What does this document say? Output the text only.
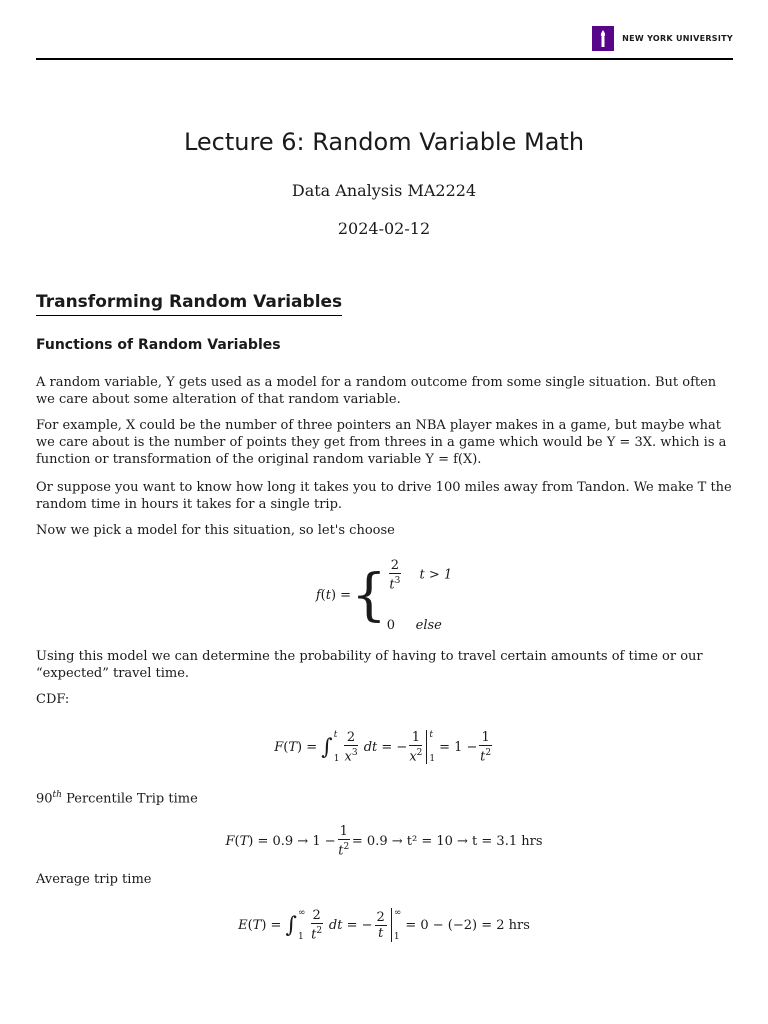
NEW YORK UNIVERSITY
Lecture 6: Random Variable Math
Data Analysis MA2224
2024-02-12
Transforming Random Variables
Functions of Random Variables
A random variable, Y gets used as a model for a random outcome from some single situation. But often we care about some alteration of that random variable.
For example, X could be the number of three pointers an NBA player makes in a game, but maybe what we care about is the number of points they get from threes in a game which would be Y = 3X. which is a function or transformation of the original random variable Y = f(X).
Or suppose you want to know how long it takes you to drive 100 miles away from Tandon. We make T the random time in hours it takes for a single trip.
Now we pick a model for this situation, so let's choose
f ( t ) = { $\frac{2}{t^3}$ t > 1
0 else
Using this model we can determine the probability of having to travel certain amounts of time or our “expected” travel time.
CDF:
F ( T ) = ∫ t
$1 \frac{2}{x^3}$ dt = − $\frac{1}{x^2}$ t
1
= $1 - \frac{1}{t^2}$
90th Percentile Trip time
F ( T ) = $0.9 \to 1 - \frac{1}{t^2} = 0.9 \to t^2 = 10 \to t = 3.1$ hrs
Average trip time
E ( T ) = ∫ ∞
$1 \frac{2}{t^2}$ dt = − $\frac{2}{t}$ ∞
1
= 0 − (−2) = 2 hrs
